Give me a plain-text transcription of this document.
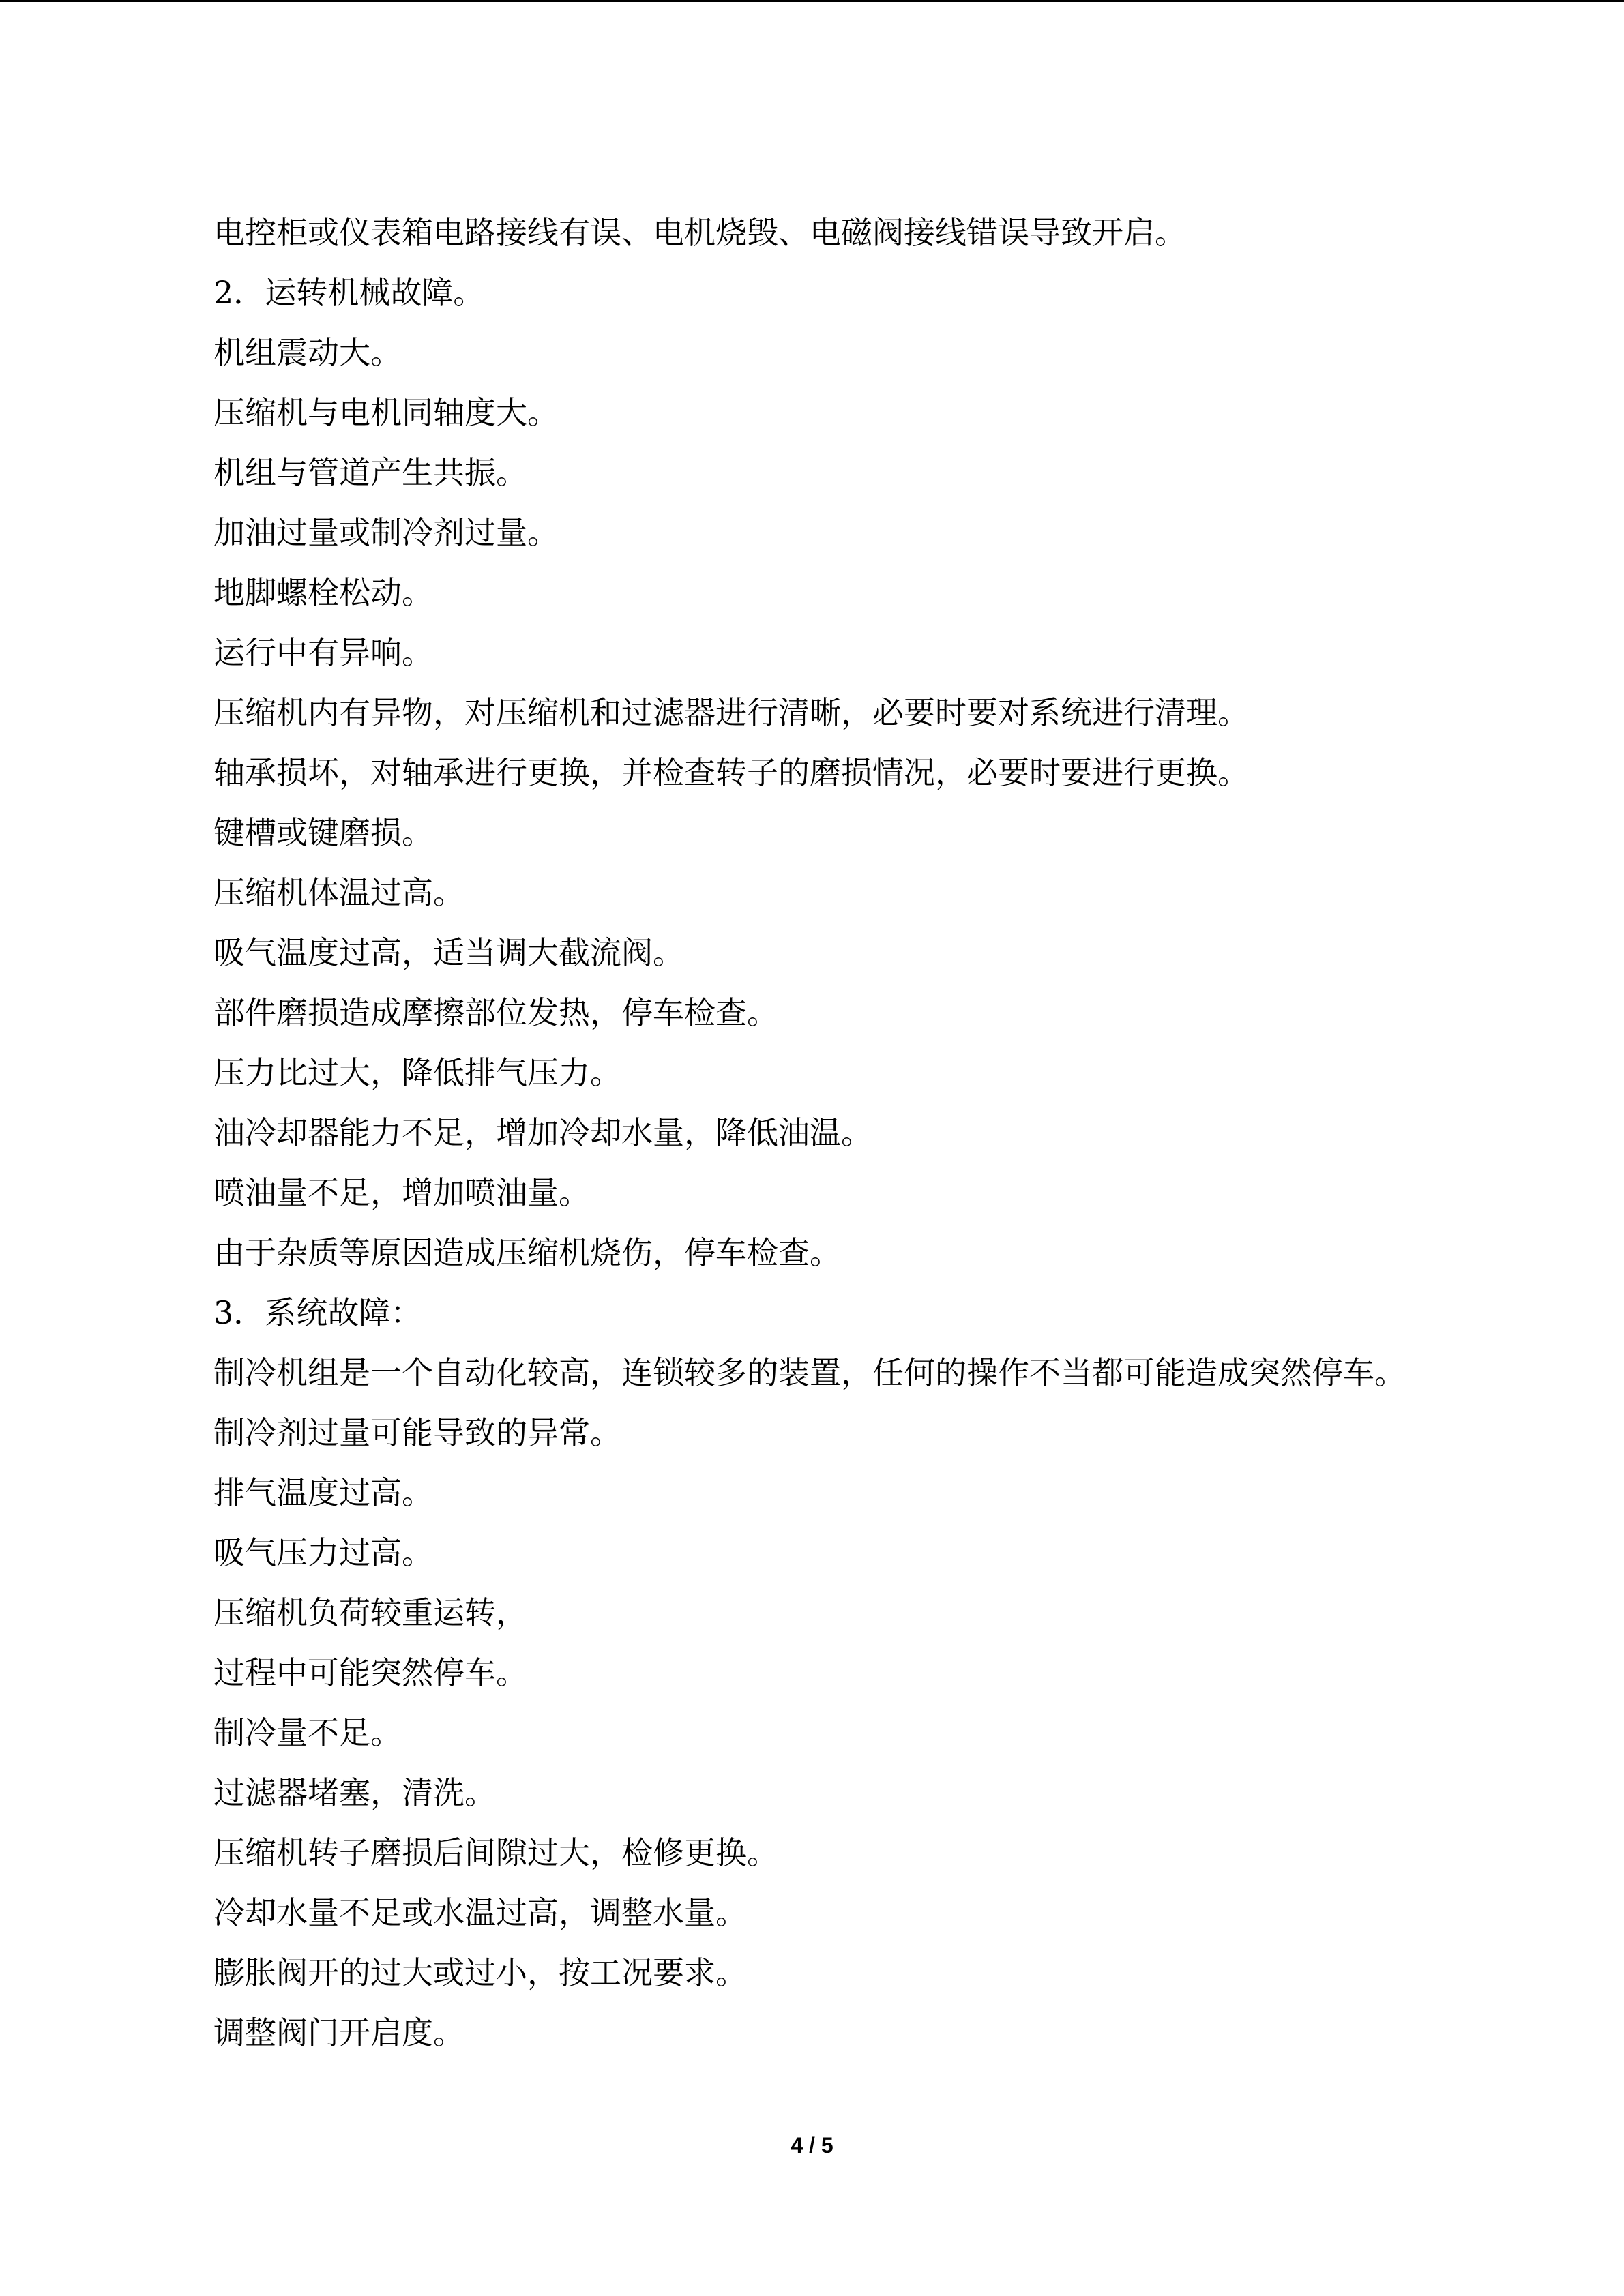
电控柜或仪表箱电路接线有误、电机烧毁、电磁阀接线错误导致开启。
2．运转机械故障。
机组震动大。
压缩机与电机同轴度大。
机组与管道产生共振。
加油过量或制冷剂过量。
地脚螺栓松动。
运行中有异响。
压缩机内有异物，对压缩机和过滤器进行清晰，必要时要对系统进行清理。
轴承损坏，对轴承进行更换，并检查转子的磨损情况，必要时要进行更换。
键槽或键磨损。
压缩机体温过高。
吸气温度过高，适当调大截流阀。
部件磨损造成摩擦部位发热，停车检查。
压力比过大，降低排气压力。
油冷却器能力不足，增加冷却水量，降低油温。
喷油量不足，增加喷油量。
由于杂质等原因造成压缩机烧伤，停车检查。
3．系统故障：
制冷机组是一个自动化较高，连锁较多的装置，任何的操作不当都可能造成突然停车。
制冷剂过量可能导致的异常。
排气温度过高。
吸气压力过高。
压缩机负荷较重运转，
过程中可能突然停车。
制冷量不足。
过滤器堵塞，清洗。
压缩机转子磨损后间隙过大，检修更换。
冷却水量不足或水温过高，调整水量。
膨胀阀开的过大或过小，按工况要求。
调整阀门开启度。
4 / 5
